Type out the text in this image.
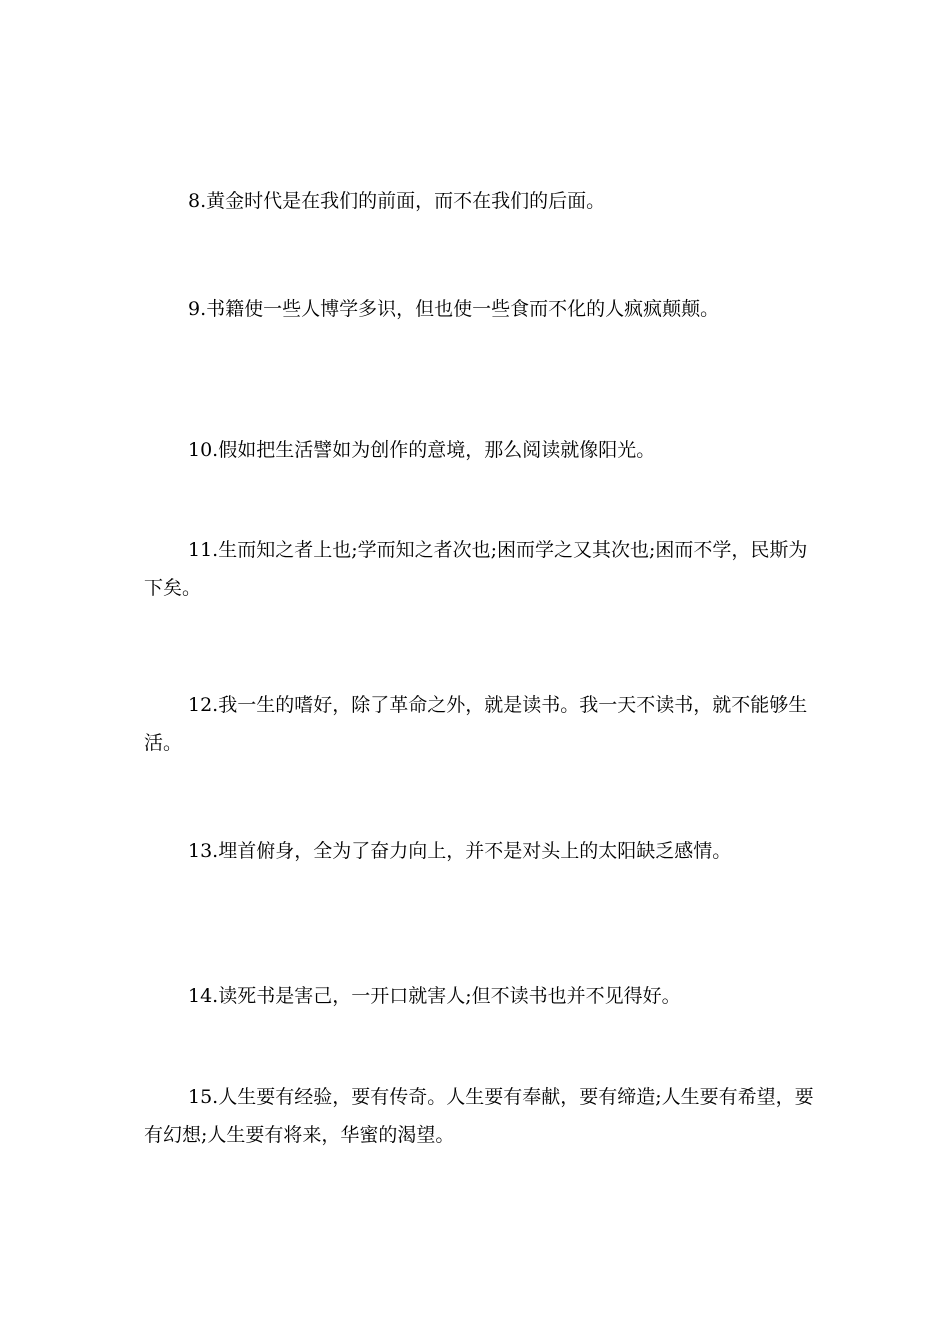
8.黄金时代是在我们的前面，而不在我们的后面。

9.书籍使一些人博学多识，但也使一些食而不化的人疯疯颠颠。

10.假如把生活譬如为创作的意境，那么阅读就像阳光。

11.生而知之者上也;学而知之者次也;困而学之又其次也;困而不学，民斯为下矣。

12.我一生的嗜好，除了革命之外，就是读书。我一天不读书，就不能够生活。

13.埋首俯身，全为了奋力向上，并不是对头上的太阳缺乏感情。

14.读死书是害己，一开口就害人;但不读书也并不见得好。

15.人生要有经验，要有传奇。人生要有奉献，要有缔造;人生要有希望，要有幻想;人生要有将来，华蜜的渴望。
